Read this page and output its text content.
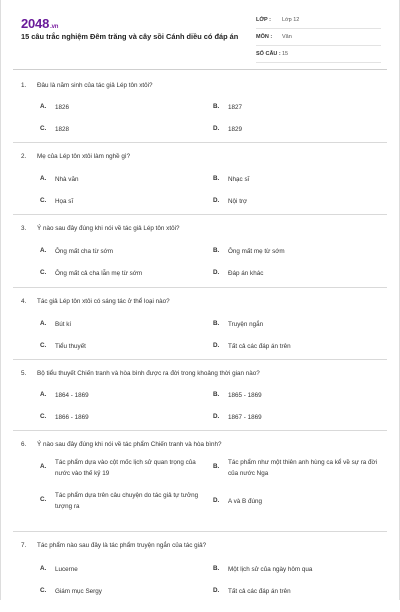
2048.vn
15 câu trắc nghiệm Đêm trăng và cây sồi Cánh diều có đáp án
LỚP :	Lớp 12
MÔN :	Văn
SỐ CÂU : 15
1. Đâu là năm sinh của tác giả Lép tôn xtôi?
A.	1826	B.	1827
C.	1828	D.	1829
2. Mẹ của Lép tôn xtôi làm nghề gì?
A.	Nhà văn	B.	Nhạc sĩ
C.	Họa sĩ	D.	Nội trợ
3. Ý nào sau đây đúng khi nói về tác giả Lép tôn xtôi?
A.	Ông mất cha từ sớm	B.	Ông mất mẹ từ sớm
C.	Ông mất cả cha lẫn mẹ từ sớm	D.	Đáp án khác
4. Tác giả Lép tôn xtôi có sáng tác ở thể loại nào?
A.	Bút kí	B.	Truyện ngắn
C.	Tiểu thuyết	D.	Tất cả các đáp án trên
5. Bộ tiểu thuyết Chiến tranh và hòa bình được ra đời trong khoảng thời gian nào?
A.	1864 - 1869	B.	1865 - 1869
C.	1866 - 1869	D.	1867 - 1869
6. Ý nào sau đây đúng khi nói về tác phẩm Chiến tranh và hòa bình?
A.
Tác phẩm dựa vào cột mốc lịch sử quan trọng của nước vào thế kỷ 19
B.
Tác phẩm như một thiên anh hùng ca kể về sự ra đời của nước Nga
C.
Tác phẩm dựa trên câu chuyện do tác giả tự tưởng tượng ra
D.	A và B đúng
7. Tác phẩm nào sau đây là tác phẩm truyện ngắn của tác giả?
A.	Lucerne	B.	Một lịch sử của ngày hôm qua
C.	Giám mục Sergy	D.	Tất cả các đáp án trên
